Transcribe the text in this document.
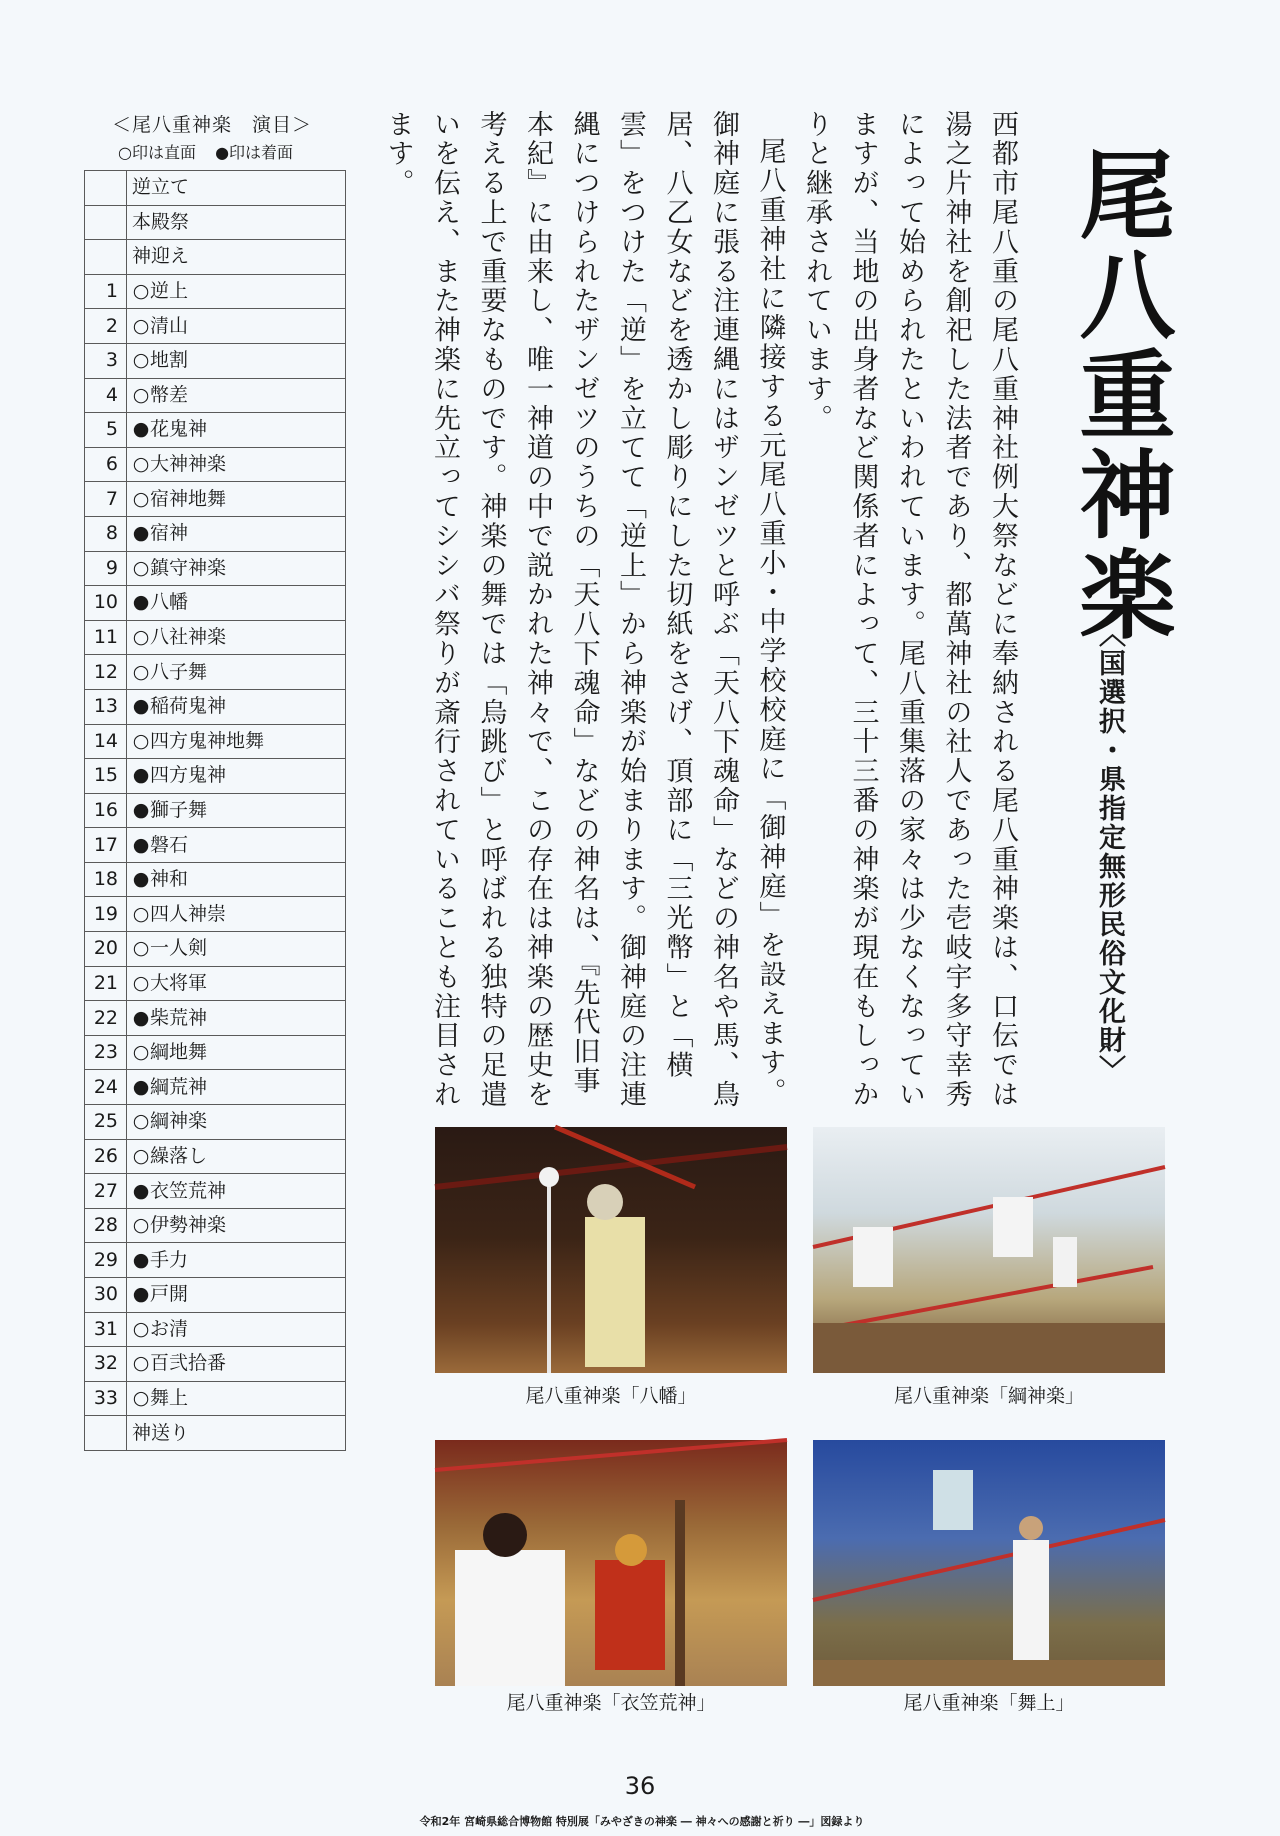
＜尾八重神楽　演目＞
○印は直面 ●印は着面
	逆立て
	本殿祭
	神迎え
1	○逆上
2	○清山
3	○地割
4	○幣差
5	●花鬼神
6	○大神神楽
7	○宿神地舞
8	●宿神
9	○鎮守神楽
10	●八幡
11	○八社神楽
12	○八子舞
13	●稲荷鬼神
14	○四方鬼神地舞
15	●四方鬼神
16	●獅子舞
17	●磐石
18	●神和
19	○四人神崇
20	○一人剣
21	○大将軍
22	●柴荒神
23	○綱地舞
24	●綱荒神
25	○綱神楽
26	○繰落し
27	●衣笠荒神
28	○伊勢神楽
29	●手力
30	●戸開
31	○お清
32	○百弐拾番
33	○舞上
	神送り
尾八重神楽
〈国選択・県指定無形民俗文化財〉

西都市尾八重の尾八重神社例大祭などに奉納される尾八重神楽は、口伝では湯之片神社を創祀した法者であり、都萬神社の社人であった壱岐宇多守幸秀によって始められたといわれています。尾八重集落の家々は少なくなっていますが、当地の出身者など関係者によって、三十三番の神楽が現在もしっかりと継承されています。

尾八重神社に隣接する元尾八重小・中学校校庭に「御神庭」を設えます。御神庭に張る注連縄にはザンゼツと呼ぶ「天八下魂命」などの神名や馬、鳥居、八乙女などを透かし彫りにした切紙をさげ、頂部に「三光幣」と「横雲」をつけた「逆」を立てて「逆上」から神楽が始まります。御神庭の注連縄につけられたザンゼツのうちの「天八下魂命」などの神名は、『先代旧事本紀』に由来し、唯一神道の中で説かれた神々で、この存在は神楽の歴史を考える上で重要なものです。神楽の舞では「烏跳び」と呼ばれる独特の足遣いを伝え、また神楽に先立ってシシバ祭りが斎行されていることも注目されます。

尾八重神楽「八幡」	尾八重神楽「綱神楽」
尾八重神楽「衣笠荒神」	尾八重神楽「舞上」
36
令和2年 宮崎県総合博物館 特別展「みやざきの神楽 ― 神々への感謝と祈り ―」図録より
